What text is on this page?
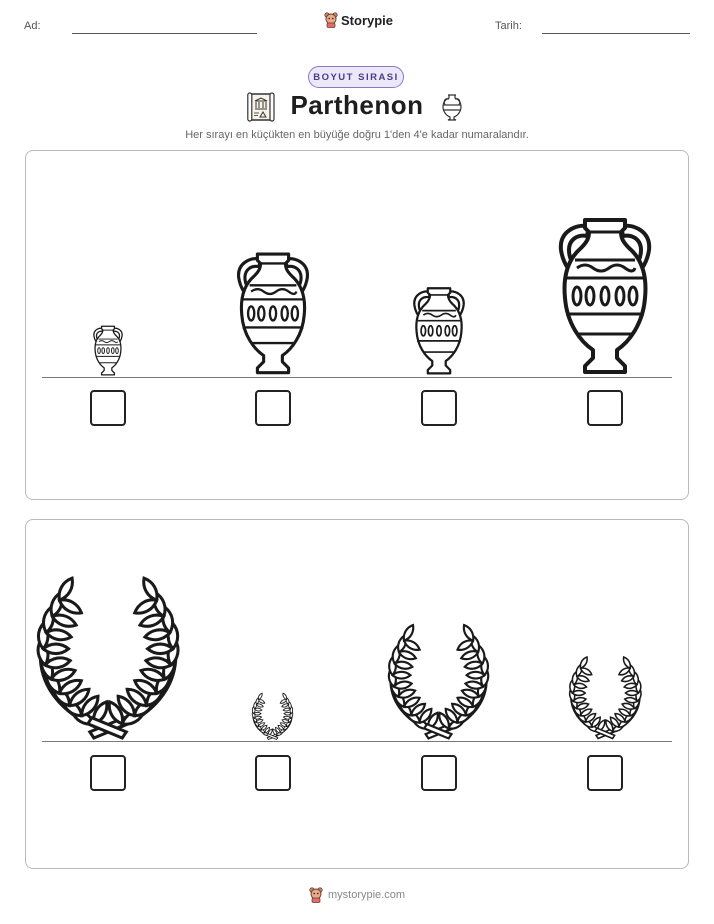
Ad:	Storypie	Tarih:
BOYUT SIRASI
Parthenon
Her sırayı en küçükten en büyüğe doğru 1'den 4'e kadar numaralandır.
mystorypie.com
